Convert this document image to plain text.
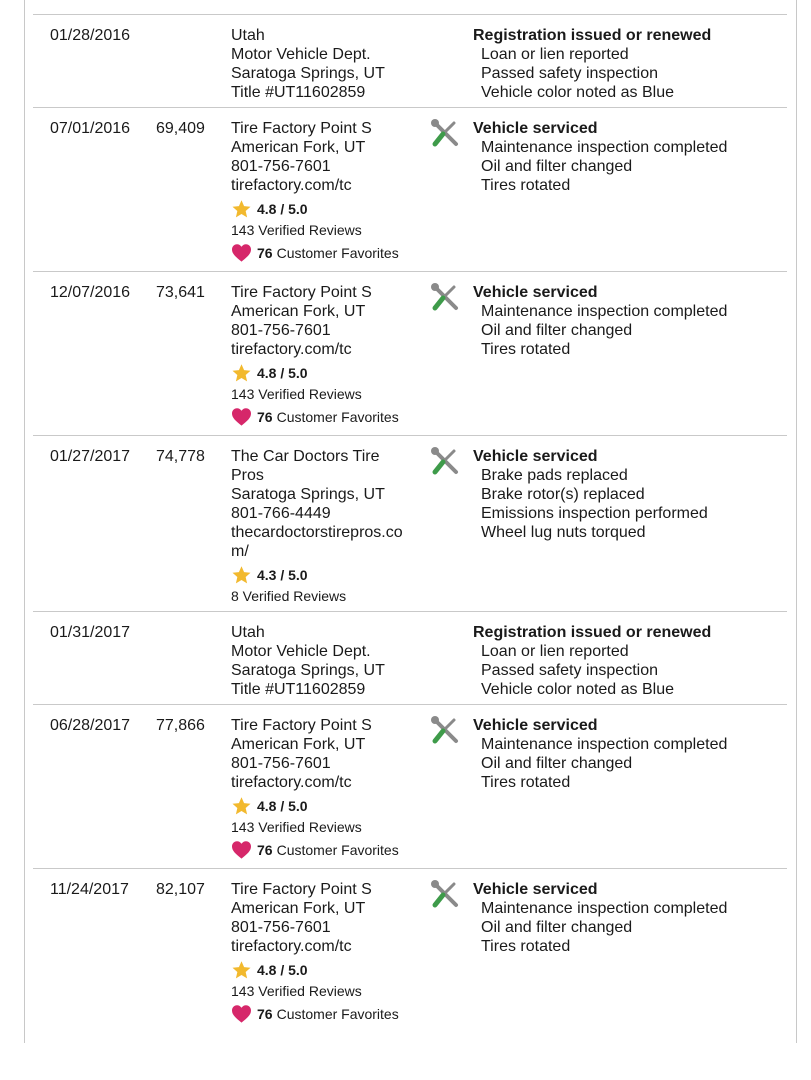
01/28/2016	Utah
Motor Vehicle Dept.
Saratoga Springs, UT
Title #UT11602859
Registration issued or renewed
Loan or lien reported
Passed safety inspection
Vehicle color noted as Blue
07/01/2016 69,409 Tire Factory Point S
American Fork, UT
801-756-7601
tirefactory.com/tc
4.8 / 5.0
143 Verified Reviews
76 Customer Favorites
Vehicle serviced
Maintenance inspection completed
Oil and filter changed
Tires rotated
12/07/2016 73,641 Tire Factory Point S
American Fork, UT
801-756-7601
tirefactory.com/tc
4.8 / 5.0
143 Verified Reviews
76 Customer Favorites
Vehicle serviced
Maintenance inspection completed
Oil and filter changed
Tires rotated
01/27/2017 74,778 The Car Doctors Tire
Pros
Saratoga Springs, UT
801-766-4449
thecardoctorstirepros.co
m/
4.3 / 5.0
8 Verified Reviews
Vehicle serviced
Brake pads replaced
Brake rotor(s) replaced
Emissions inspection performed
Wheel lug nuts torqued
01/31/2017	Utah
Motor Vehicle Dept.
Saratoga Springs, UT
Title #UT11602859
Registration issued or renewed
Loan or lien reported
Passed safety inspection
Vehicle color noted as Blue
06/28/2017 77,866 Tire Factory Point S
American Fork, UT
801-756-7601
tirefactory.com/tc
4.8 / 5.0
143 Verified Reviews
76 Customer Favorites
Vehicle serviced
Maintenance inspection completed
Oil and filter changed
Tires rotated
11/24/2017 82,107 Tire Factory Point S
American Fork, UT
801-756-7601
tirefactory.com/tc
4.8 / 5.0
143 Verified Reviews
76 Customer Favorites
Vehicle serviced
Maintenance inspection completed
Oil and filter changed
Tires rotated
